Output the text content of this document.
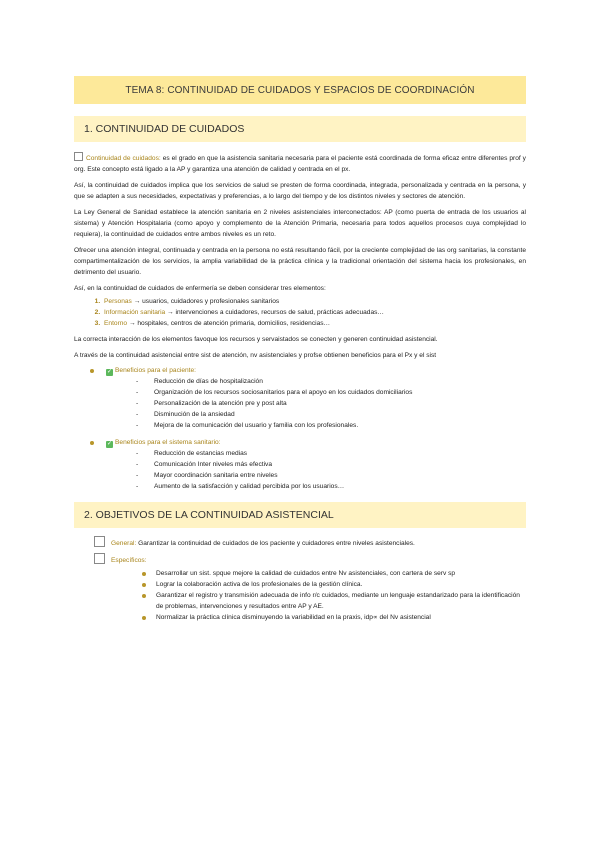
TEMA 8: CONTINUIDAD DE CUIDADOS Y ESPACIOS DE COORDINACIÓN
1. CONTINUIDAD DE CUIDADOS

Continuidad de cuidados: es el grado en que la asistencia sanitaria necesaria para el paciente está coordinada de forma eficaz entre diferentes prof y org. Este concepto está ligado a la AP y garantiza una atención de calidad y centrada en el px.

Así, la continuidad de cuidados implica que los servicios de salud se presten de forma coordinada, integrada, personalizada y centrada en la persona, y que se adapten a sus necesidades, expectativas y preferencias, a lo largo del tiempo y de los distintos niveles y sectores de atención.

La Ley General de Sanidad establece la atención sanitaria en 2 niveles asistenciales interconectados: AP (como puerta de entrada de los usuarios al sistema) y Atención Hospitalaria (como apoyo y complemento de la Atención Primaria, necesaria para todos aquellos procesos cuya complejidad lo requiera), la continuidad de cuidados entre ambos niveles es un reto.

Ofrecer una atención integral, continuada y centrada en la persona no está resultando fácil, por la creciente complejidad de las org sanitarias, la constante compartimentalización de los servicios, la amplia variabilidad de la práctica clínica y la tradicional orientación del sistema hacia los profesionales, en detrimento del usuario.

Así, en la continuidad de cuidados de enfermería se deben considerar tres elementos:

1. Personas → usuarios, cuidadores y profesionales sanitarios
2. Información sanitaria → intervenciones a cuidadores, recursos de salud, prácticas adecuadas…
3. Entorno → hospitales, centros de atención primaria, domicilios, residencias…

La correcta interacción de los elementos favoque los recursos y servaistados se conecten y generen continuidad asistencial.

A través de la continuidad asistencial entre sist de atención, nv asistenciales y profse obtienen beneficios para el Px y el sist

✓ Beneficios para el paciente:
- Reducción de días de hospitalización
- Organización de los recursos sociosanitarios para el apoyo en los cuidados domiciliarios
- Personalización de la atención pre y post alta
- Disminución de la ansiedad
- Mejora de la comunicación del usuario y familia con los profesionales.
✓ Beneficios para el sistema sanitario:
- Reducción de estancias medias
- Comunicación Inter niveles más efectiva
- Mayor coordinación sanitaria entre niveles
- Aumento de la satisfacción y calidad percibida por los usuarios…
2. OBJETIVOS DE LA CONTINUIDAD ASISTENCIAL

General: Garantizar la continuidad de cuidados de los paciente y cuidadores entre niveles asistenciales.

Específicos:

Desarrollar un sist. spque mejore la calidad de cuidados entre Nv asistenciales, con cartera de serv sp
Lograr la colaboración activa de los profesionales de la gestión clínica.
Garantizar el registro y transmisión adecuada de info r/c cuidados, mediante un lenguaje estandarizado para la identificación de problemas, intervenciones y resultados entre AP y AE.
Normalizar la práctica clínica disminuyendo la variabilidad en la praxis, idp∝ del Nv asistencial
